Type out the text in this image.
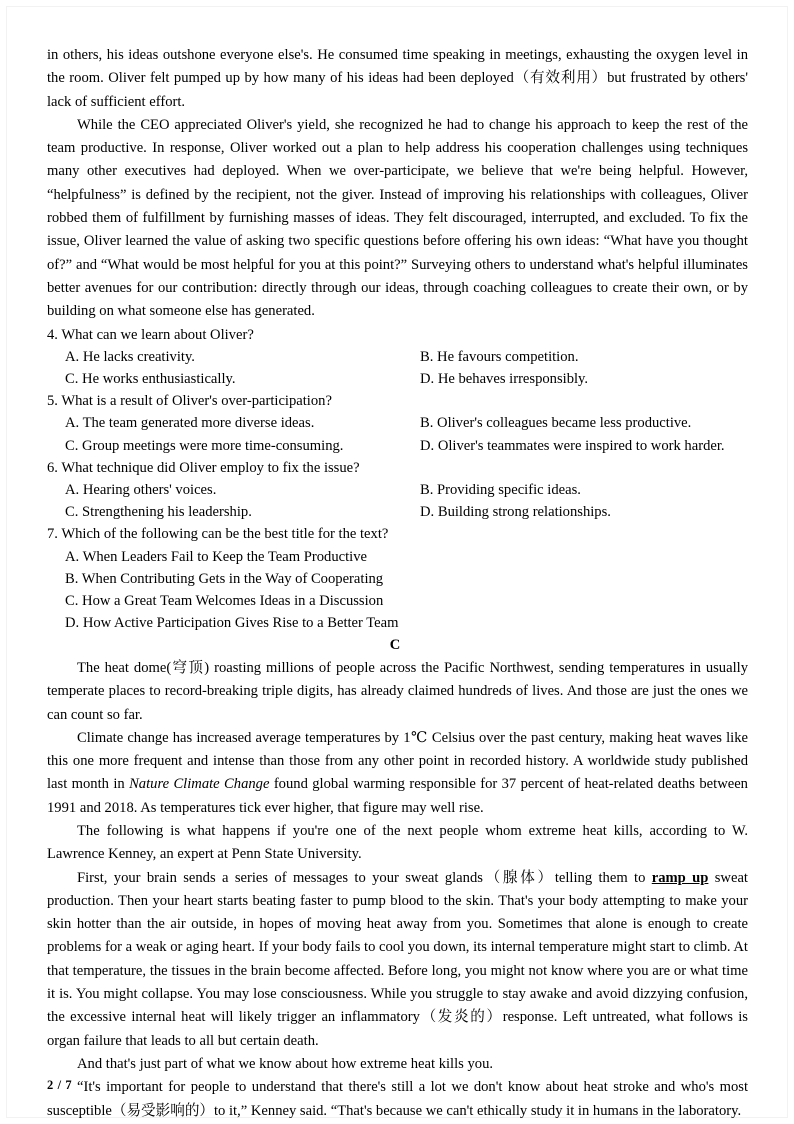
in others, his ideas outshone everyone else's. He consumed time speaking in meetings, exhausting the oxygen level in the room. Oliver felt pumped up by how many of his ideas had been deployed（有效利用）but frustrated by others' lack of sufficient effort.

While the CEO appreciated Oliver's yield, she recognized he had to change his approach to keep the rest of the team productive. In response, Oliver worked out a plan to help address his cooperation challenges using techniques many other executives had deployed. When we over-participate, we believe that we're being helpful. However, “helpfulness” is defined by the recipient, not the giver. Instead of improving his relationships with colleagues, Oliver robbed them of fulfillment by furnishing masses of ideas. They felt discouraged, interrupted, and excluded. To fix the issue, Oliver learned the value of asking two specific questions before offering his own ideas: “What have you thought of?” and “What would be most helpful for you at this point?” Surveying others to understand what's helpful illuminates better avenues for our contribution: directly through our ideas, through coaching colleagues to create their own, or by building on what someone else has generated.

4. What can we learn about Oliver?

A. He lacks creativity.	B. He favours competition.
C. He works enthusiastically.	D. He behaves irresponsibly.

5. What is a result of Oliver's over-participation?

A. The team generated more diverse ideas.	B. Oliver's colleagues became less productive.
C. Group meetings were more time-consuming.	D. Oliver's teammates were inspired to work harder.

6. What technique did Oliver employ to fix the issue?

A. Hearing others' voices.	B. Providing specific ideas.
C. Strengthening his leadership.	D. Building strong relationships.

7. Which of the following can be the best title for the text?

A. When Leaders Fail to Keep the Team Productive
B. When Contributing Gets in the Way of Cooperating
C. How a Great Team Welcomes Ideas in a Discussion
D. How Active Participation Gives Rise to a Better Team

C

The heat dome(穹顶) roasting millions of people across the Pacific Northwest, sending temperatures in usually temperate places to record-breaking triple digits, has already claimed hundreds of lives. And those are just the ones we can count so far.

Climate change has increased average temperatures by 1℃ Celsius over the past century, making heat waves like this one more frequent and intense than those from any other point in recorded history. A worldwide study published last month in Nature Climate Change found global warming responsible for 37 percent of heat-related deaths between 1991 and 2018. As temperatures tick ever higher, that figure may well rise.

The following is what happens if you're one of the next people whom extreme heat kills, according to W. Lawrence Kenney, an expert at Penn State University.

First, your brain sends a series of messages to your sweat glands（腺体）telling them to ramp up sweat production. Then your heart starts beating faster to pump blood to the skin. That's your body attempting to make your skin hotter than the air outside, in hopes of moving heat away from you. Sometimes that alone is enough to create problems for a weak or aging heart. If your body fails to cool you down, its internal temperature might start to climb. At that temperature, the tissues in the brain become affected. Before long, you might not know where you are or what time it is. You might collapse. You may lose consciousness. While you struggle to stay awake and avoid dizzying confusion, the excessive internal heat will likely trigger an inflammatory（发炎的）response. Left untreated, what follows is organ failure that leads to all but certain death.

And that's just part of what we know about how extreme heat kills you.

“It's important for people to understand that there's still a lot we don't know about heat stroke and who's most susceptible（易受影响的）to it,” Kenney said. “That's because we can't ethically study it in humans in the laboratory.

2 / 7
